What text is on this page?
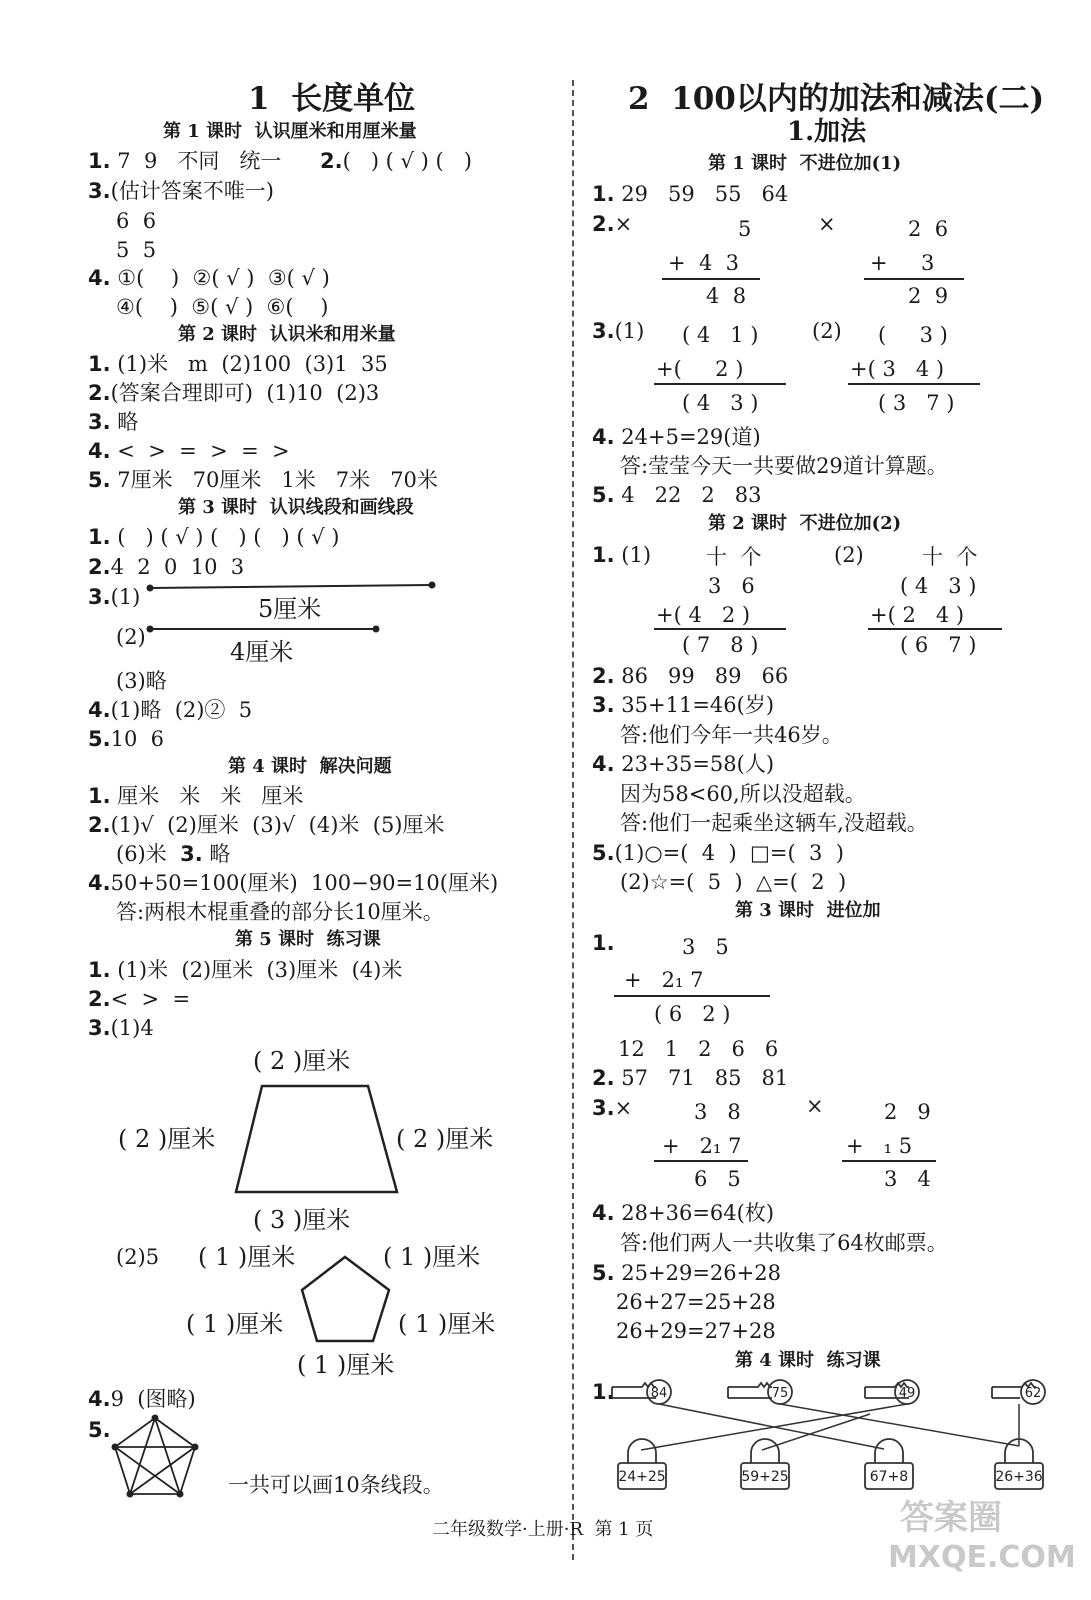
1  长度单位
第 1 课时  认识厘米和用厘米量
1. 7  9   不同   统一 2.(   ) ( √ ) (   )
3.(估计答案不唯一)
6  6
5  5
4. ①(    )  ②( √ )  ③( √ )
④(    )  ⑤( √ )  ⑥(    )
第 2 课时  认识米和用米量
1. (1)米   m  (2)100  (3)1  35
2.(答案合理即可)  (1)10  (2)3
3. 略
4. <  >  =  >  =  >
5. 7厘米   70厘米   1米   7米   70米
第 3 课时  认识线段和画线段
1. (   ) ( √ ) (   ) (   ) ( √ )
2.4  2  0  10  3
3.(1)	5厘米
(2)
4厘米
(3)略
4.(1)略  (2)②  5
5.10  6
第 4 课时  解决问题
1. 厘米   米   米   厘米
2.(1)√  (2)厘米  (3)√  (4)米  (5)厘米
(6)米 3. 略
4.50+50=100(厘米)  100−90=10(厘米)
答:两根木棍重叠的部分长10厘米。
第 5 课时  练习课
1. (1)米  (2)厘米  (3)厘米  (4)米
2.<  >  =
3.(1)4
( 2 )厘米
( 2 )厘米	( 2 )厘米
( 3 )厘米
(2)5 ( 1 )厘米	( 1 )厘米
( 1 )厘米	( 1 )厘米
( 1 )厘米
4.9  (图略)
5.
一共可以画10条线段。
2  100以内的加法和减法(二)
1.加法
第 1 课时  不进位加(1)
1. 29   59   55   64
2.×	×
5
+  4  3
4  8
2  6
+     3
2  9
3.(1) ( 4   1 )
+(     2 )
( 4   3 )
(2) (     3 )
+( 3   4 )
( 3   7 )
4. 24+5=29(道)
答:莹莹今天一共要做29道计算题。
5. 4   22   2   83
第 2 课时  不进位加(2)
1. (1)	十  个
3   6
+( 4   2 )
( 7   8 )
(2)	十  个
( 4   3 )
+( 2   4 )
( 6   7 )
2. 86   99   89   66
3. 35+11=46(岁)
答:他们今年一共46岁。
4. 23+35=58(人)
因为58<60,所以没超载。
答:他们一起乘坐这辆车,没超载。
5.(1)○=(  4  )  □=(  3  )
(2)☆=(  5  )  △=(  2  )
第 3 课时  进位加
1.	3   5
+   2₁ 7
( 6   2 )
12   1   2   6   6
2. 57   71   85   81
3.×	×
3   8
+   2₁ 7
6   5
2   9
+   ₁ 5
3   4
4. 28+36=64(枚)
答:他们两人一共收集了64枚邮票。
5. 25+29=26+28
26+27=25+28
26+29=27+28
第 4 课时  练习课
1.	84	75	49	62
24+25	59+25	67+8	26+36
二年级数学·上册·R  第 1 页	答案圈
MXQE.COM
